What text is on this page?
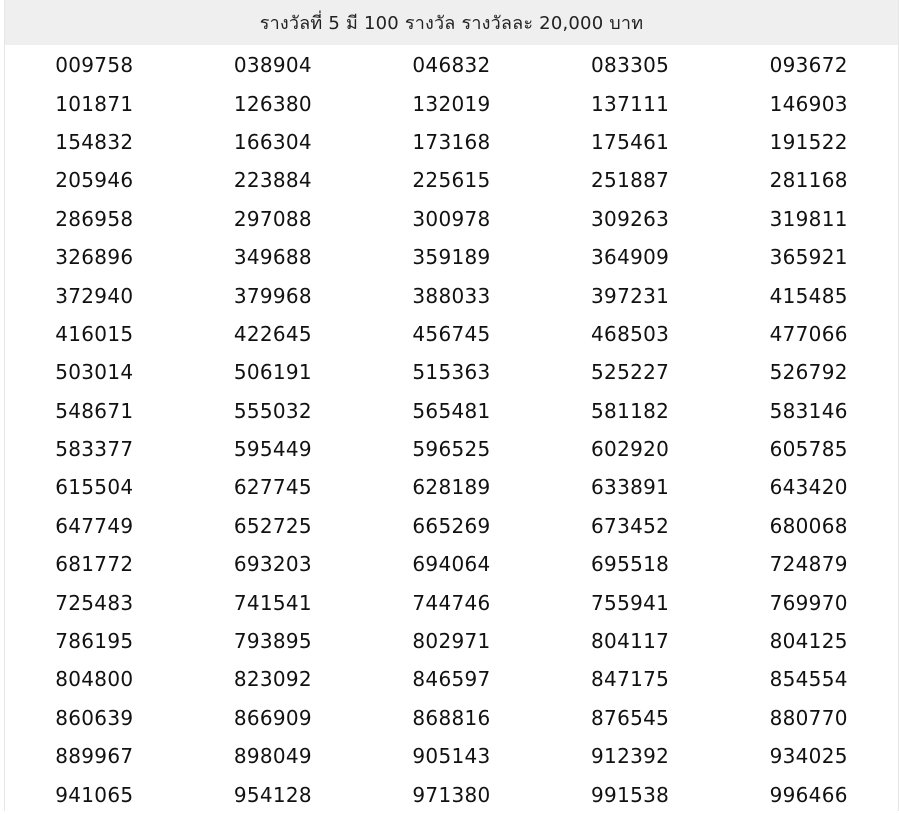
รางวัลที่ 5 มี 100 รางวัล รางวัลละ 20,000 บาท
009758	038904	046832	083305	093672
101871	126380	132019	137111	146903
154832	166304	173168	175461	191522
205946	223884	225615	251887	281168
286958	297088	300978	309263	319811
326896	349688	359189	364909	365921
372940	379968	388033	397231	415485
416015	422645	456745	468503	477066
503014	506191	515363	525227	526792
548671	555032	565481	581182	583146
583377	595449	596525	602920	605785
615504	627745	628189	633891	643420
647749	652725	665269	673452	680068
681772	693203	694064	695518	724879
725483	741541	744746	755941	769970
786195	793895	802971	804117	804125
804800	823092	846597	847175	854554
860639	866909	868816	876545	880770
889967	898049	905143	912392	934025
941065	954128	971380	991538	996466
